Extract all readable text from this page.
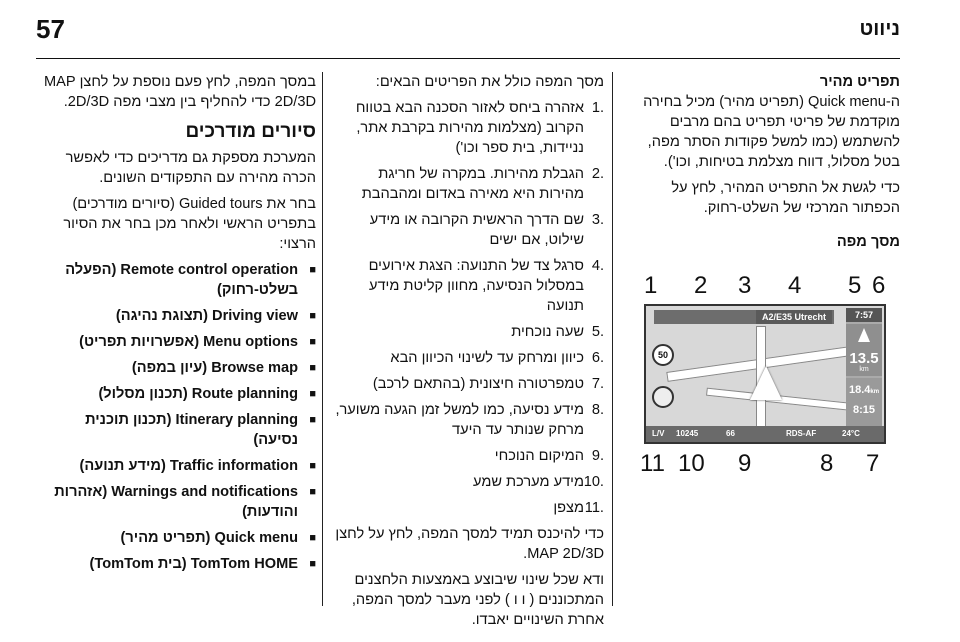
57	ניווט
תפריט מהיר
ה-Quick menu (תפריט מהיר) מכיל בחירה מוקדמת של פריטי תפריט בהם מרבים להשתמש (כמו למשל פקודות הסתר מפה, בטל מסלול, דווח מצלמת בטיחות, וכו').
כדי לגשת אל התפריט המהיר, לחץ על הכפתור המרכזי של השלט-רחוק.
מסך מפה
1 2 3 4 5 6
A2/E35 Utrecht
50
7:57
13.5
km
18.4km
8:15
L/V 10245	66	RDS-AF	24°C
11 10 9	8 7
מסך המפה כולל את הפריטים הבאים:
1.
אזהרה ביחס לאזור הסכנה הבא בטווח הקרוב (מצלמות מהירות בקרבת אתר, נניידות, בית ספר וכו')
2.
הגבלת מהירות. במקרה של חריגת מהירות היא מאירה באדום ומהבהבת
3.
שם הדרך הראשית הקרובה או מידע שילוט, אם ישים
4.
סרגל צד של התנועה: הצגת אירועים במסלול הנסיעה, מחוון קליטת מידע תנועה
5.
שעה נוכחית
6.
כיוון ומרחק עד לשינוי הכיוון הבא
7.
טמפרטורה חיצונית (בהתאם לרכב)
8.
מידע נסיעה, כמו למשל זמן הגעה משוער, מרחק שנותר עד היעד
9.
המיקום הנוכחי
10.
מידע מערכת שמע
11.
מצפן
כדי להיכנס תמיד למסך המפה, לחץ על לחצן MAP 2D/3D.
ודא שכל שינוי שיבוצע באמצעות הלחצנים המתכוננים ( ו ו ) לפני מעבר למסך המפה, אחרת השינויים יאבדו.
במסך המפה, לחץ פעם נוספת על לחצן MAP 2D/3D כדי להחליף בין מצבי מפה 2D/3D.
סיורים מודרכים
המערכת מספקת גם מדריכים כדי לאפשר הכרה מהירה עם התפקודים השונים.
בחר את Guided tours (סיורים מודרכים) בתפריט הראשי ולאחר מכן בחר את הסיור הרצוי:
■ Remote control operation (הפעלה בשלט-רחוק)
■ Driving view (תצוגת נהיגה)
■ Menu options (אפשרויות תפריט)
■ Browse map (עיון במפה)
■ Route planning (תכנון מסלול)
■ Itinerary planning (תכנון תוכנית נסיעה)
■ Traffic information (מידע תנועה)
■ Warnings and notifications (אזהרות והודעות)
■ Quick menu (תפריט מהיר)
■ TomTom HOME (בית TomTom)
